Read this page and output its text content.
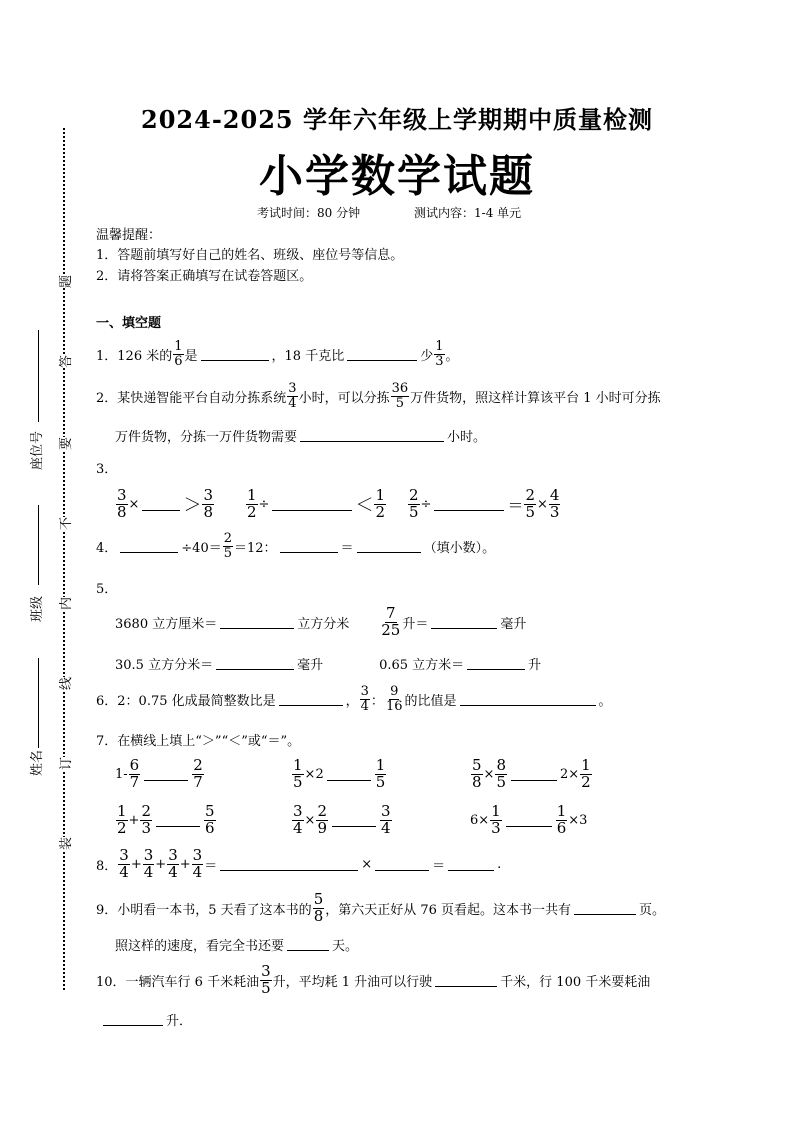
题
答
要
不
内
线
订
装
座位号
班级
姓名
2024-2025 学年六年级上学期期中质量检测
小学数学试题
考试时间：80 分钟	测试内容：1-4 单元
温馨提醒：
1．答题前填写好自己的姓名、班级、座位号等信息。
2．请将答案正确填写在试卷答题区。
一、填空题
1．126 米的 $\frac{1}{6}$ 是	，18 千克比	少 $\frac{1}{3}$ 。
2．某快递智能平台自动分拣系统 $\frac{3}{4}$ 小时，可以分拣 $\frac{36}{5}$ 万件货物，照这样计算该平台 1 小时可分拣
万件货物，分拣一万件货物需要	小时。
3．
$\frac{3}{8}$ × ＞ $\frac{3}{8} \frac{1}{2}$ ÷	＜ $\frac{1}{2} \frac{2}{5}$ ÷	＝ $\frac{2}{5} \times \frac{4}{3}$
4．	$\div 40= \frac{2}{5} =12$：	＝	（填小数）。
5．
3680 立方厘米＝	立方分米 $\frac{7}{25}$ 升＝	毫升
30.5 立方分米＝	毫升	0.65 立方米＝	升
6．2：0.75 化成最简整数比是	， $\frac{3}{4}$ ： $\frac{9}{16}$ 的比值是	。
7．在横线上填上“＞”“＜”或“＝”。
$1- \frac{6}{7}$	$\frac{2}{7}$	$\frac{1}{5} \times 2$	$\frac{1}{5}$	$\frac{5}{8} \times \frac{8}{5}$	$2\times \frac{1}{2}$
$\frac{1}{2} + \frac{2}{3}$	$\frac{5}{6}$	$\frac{3}{4} \times \frac{2}{9}$	$\frac{3}{4}$	$6\times \frac{1}{3}$	$\frac{1}{6} \times 3$
8． $\frac{3}{4} + \frac{3}{4} + \frac{3}{4} + \frac{3}{4}$ ＝	×	＝	.
9．小明看一本书，5 天看了这本书的 $\frac{5}{8}$ ，第六天正好从 76 页看起。这本书一共有	页。
照这样的速度，看完全书还要	天。
10．一辆汽车行 6 千米耗油 $\frac{3}{5}$ 升，平均耗 1 升油可以行驶	千米，行 100 千米要耗油
升．
